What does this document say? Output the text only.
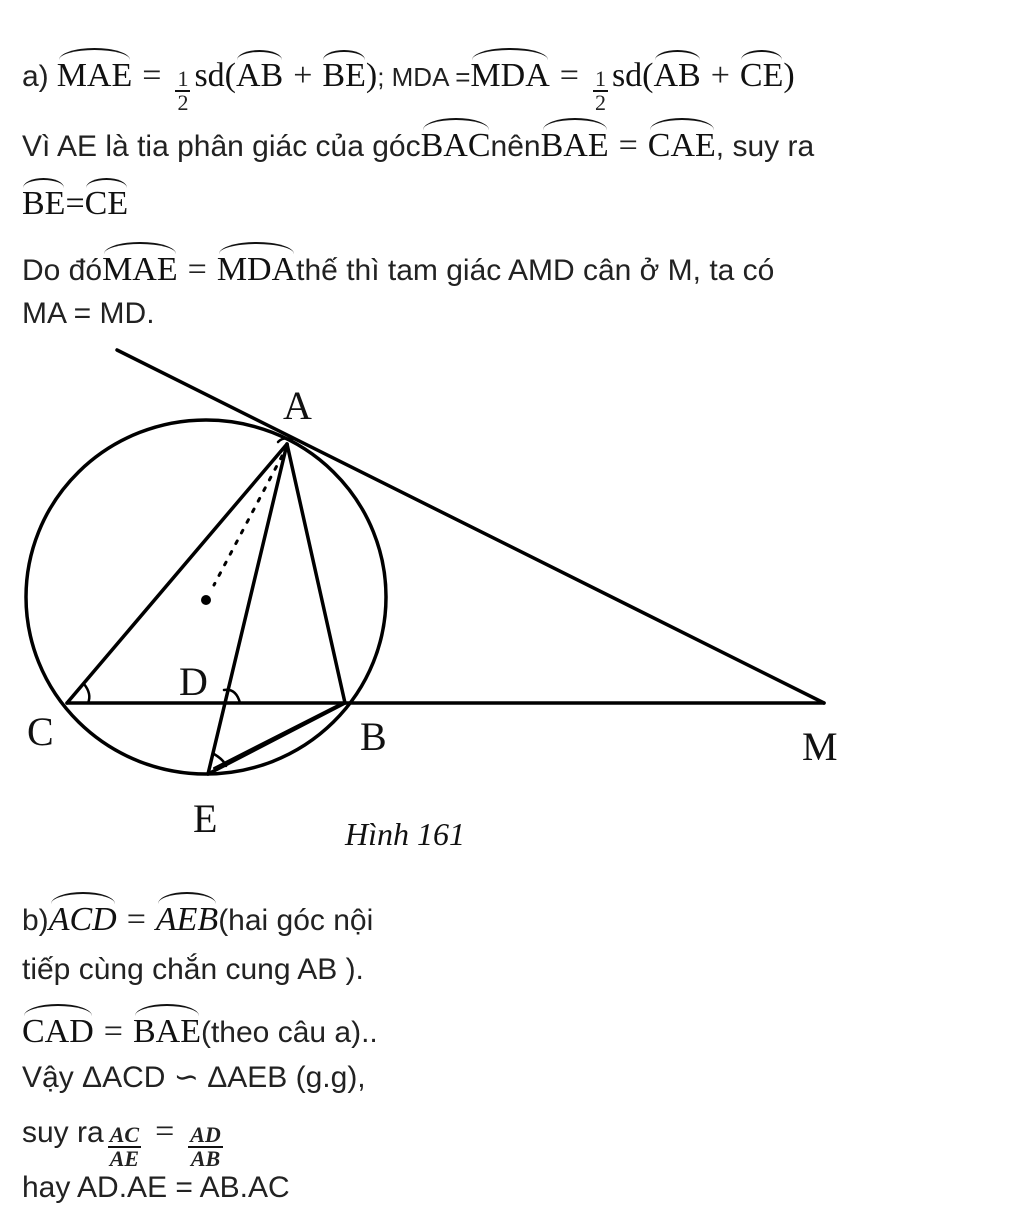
a) MAE = $\frac{1}{2} sd$( AB + BE ) ; MDA = MDA = $\frac{1}{2} sd$( AB + CE )
Vì AE là tia phân giác của góc BAC nên BAE = CAE , suy ra
BE = CE
Do đó MAE = MDA thế thì tam giác AMD cân ở M, ta có
MA = MD.
A
D
C	B	M
E	Hình 161
b) ACD = AEB (hai góc nội
tiếp cùng chắn cung AB ).
CAD = BAE (theo câu a)..
Vậy ΔACD ∽ ΔAEB (g.g),
suy ra $\frac{AC}{AE} = \frac{AD}{AB}$
hay AD.AE = AB.AC
